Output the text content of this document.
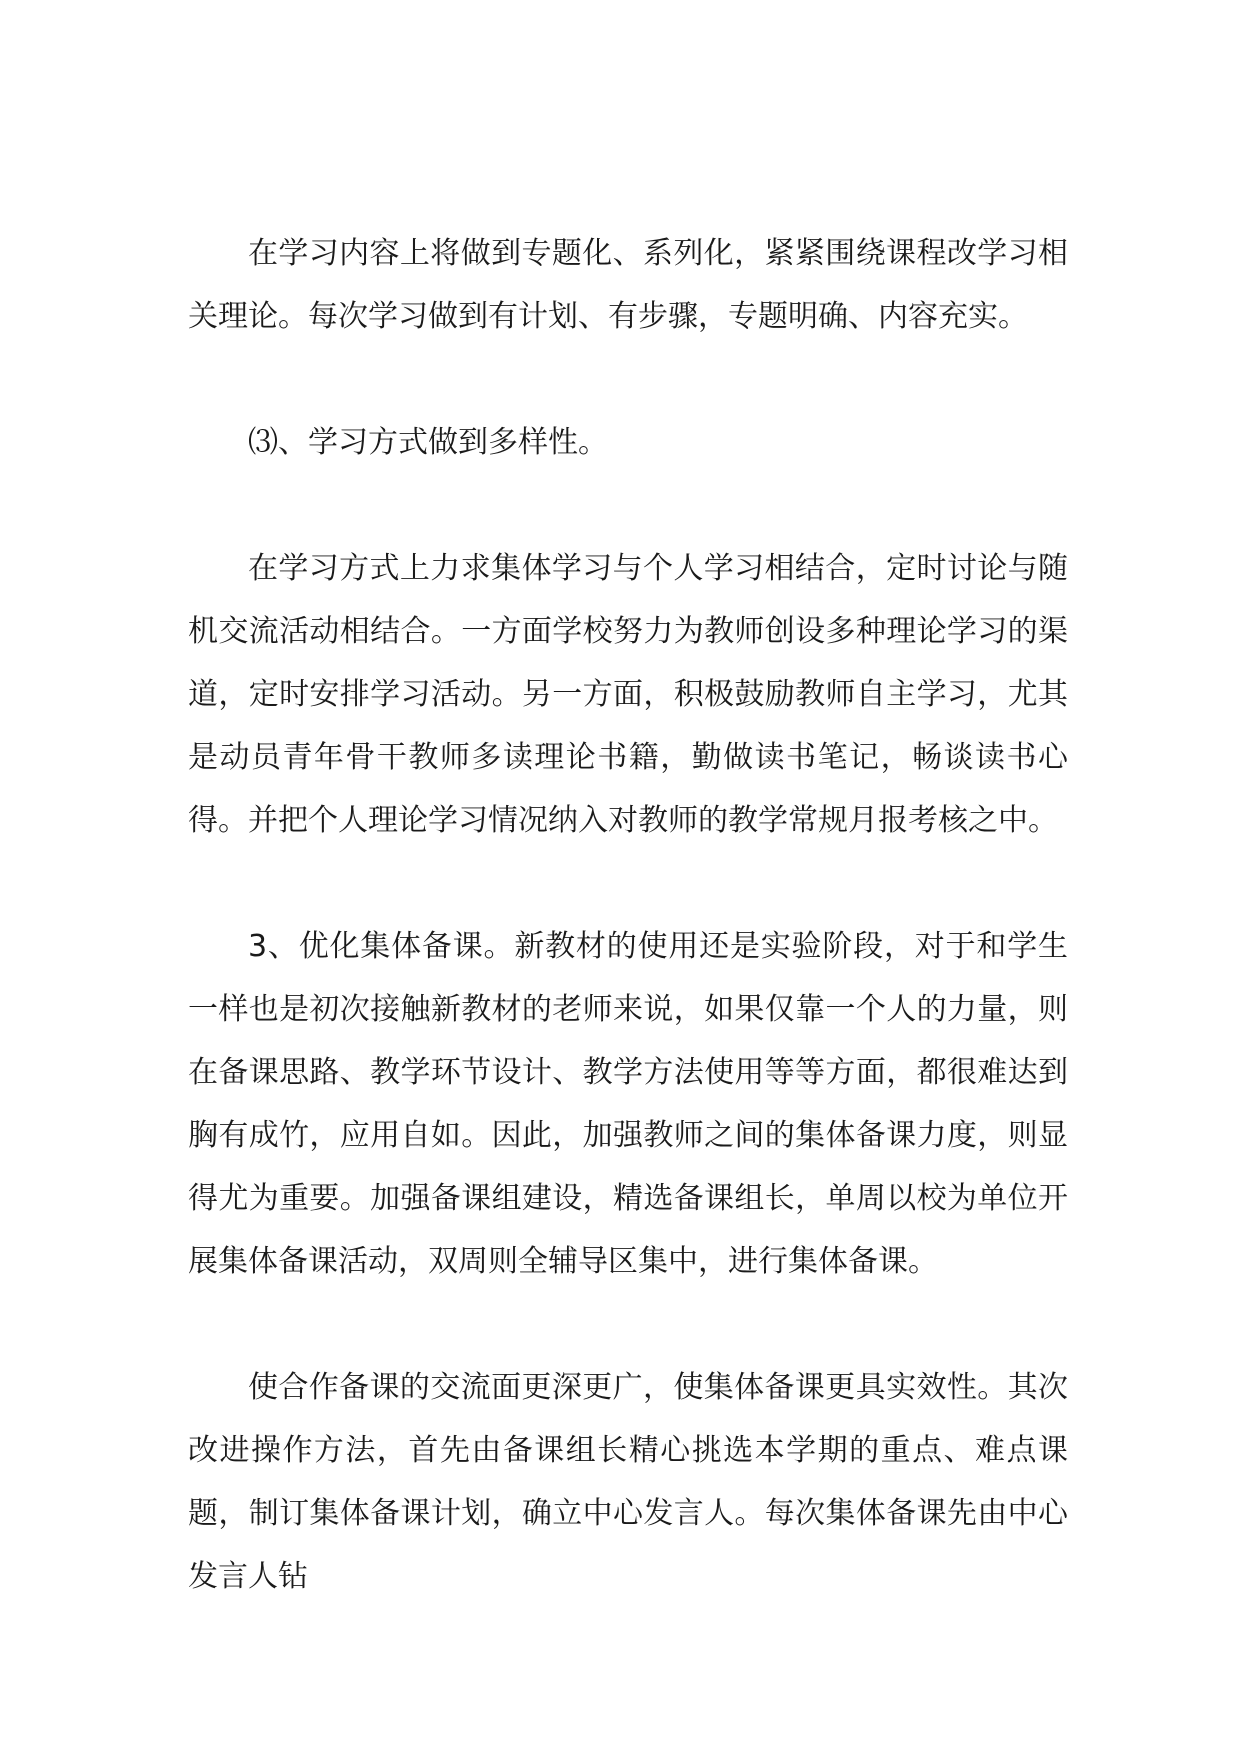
在学习内容上将做到专题化、系列化，紧紧围绕课程改学习相关理论。每次学习做到有计划、有步骤，专题明确、内容充实。

⑶、学习方式做到多样性。

在学习方式上力求集体学习与个人学习相结合，定时讨论与随机交流活动相结合。一方面学校努力为教师创设多种理论学习的渠道，定时安排学习活动。另一方面，积极鼓励教师自主学习，尤其是动员青年骨干教师多读理论书籍，勤做读书笔记，畅谈读书心得。并把个人理论学习情况纳入对教师的教学常规月报考核之中。

3、优化集体备课。新教材的使用还是实验阶段，对于和学生一样也是初次接触新教材的老师来说，如果仅靠一个人的力量，则在备课思路、教学环节设计、教学方法使用等等方面，都很难达到胸有成竹，应用自如。因此，加强教师之间的集体备课力度，则显得尤为重要。加强备课组建设，精选备课组长，单周以校为单位开展集体备课活动，双周则全辅导区集中，进行集体备课。

使合作备课的交流面更深更广，使集体备课更具实效性。其次改进操作方法，首先由备课组长精心挑选本学期的重点、难点课题，制订集体备课计划，确立中心发言人。每次集体备课先由中心发言人钻
